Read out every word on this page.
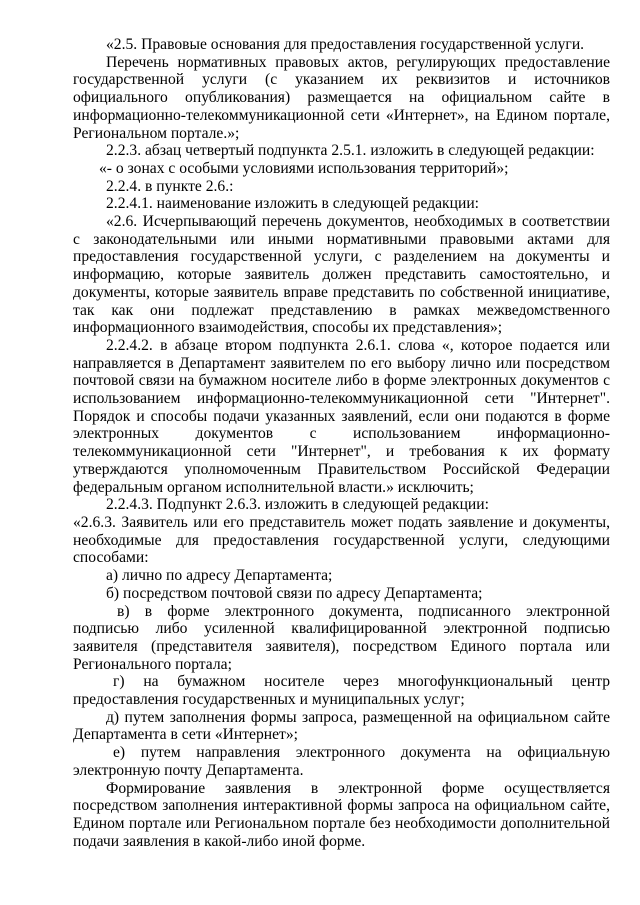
«2.5. Правовые основания для предоставления государственной услуги.

Перечень нормативных правовых актов, регулирующих предоставление государственной услуги (с указанием их реквизитов и источников официального опубликования) размещается на официальном сайте в информационно-телекоммуникационной сети «Интернет», на Едином портале, Региональном портале.»;

2.2.3. абзац четвертый подпункта 2.5.1. изложить в следующей редакции:

«- о зонах с особыми условиями использования территорий»;

2.2.4. в пункте 2.6.:

2.2.4.1. наименование изложить в следующей редакции:

«2.6. Исчерпывающий перечень документов, необходимых в соответствии с законодательными или иными нормативными правовыми актами для предоставления государственной услуги, с разделением на документы и информацию, которые заявитель должен представить самостоятельно, и документы, которые заявитель вправе представить по собственной инициативе, так как они подлежат представлению в рамках межведомственного информационного взаимодействия, способы их представления»;

2.2.4.2. в абзаце втором подпункта 2.6.1. слова «, которое подается или направляется в Департамент заявителем по его выбору лично или посредством почтовой связи на бумажном носителе либо в форме электронных документов с использованием информационно-телекоммуникационной сети "Интернет". Порядок и способы подачи указанных заявлений, если они подаются в форме электронных документов с использованием информационно-телекоммуникационной сети "Интернет", и требования к их формату утверждаются уполномоченным Правительством Российской Федерации федеральным органом исполнительной власти.» исключить;

2.2.4.3. Подпункт 2.6.3. изложить в следующей редакции:

«2.6.3. Заявитель или его представитель может подать заявление и документы, необходимые для предоставления государственной услуги, следующими способами:

а) лично по адресу Департамента;

б) посредством почтовой связи по адресу Департамента;

в) в форме электронного документа, подписанного электронной подписью либо усиленной квалифицированной электронной подписью заявителя (представителя заявителя), посредством Единого портала или Регионального портала;

г) на бумажном носителе через многофункциональный центр предоставления государственных и муниципальных услуг;

д) путем заполнения формы запроса, размещенной на официальном сайте Департамента в сети «Интернет»;

е) путем направления электронного документа на официальную электронную почту Департамента.

Формирование заявления в электронной форме осуществляется посредством заполнения интерактивной формы запроса на официальном сайте, Едином портале или Региональном портале без необходимости дополнительной подачи заявления в какой-либо иной форме.
